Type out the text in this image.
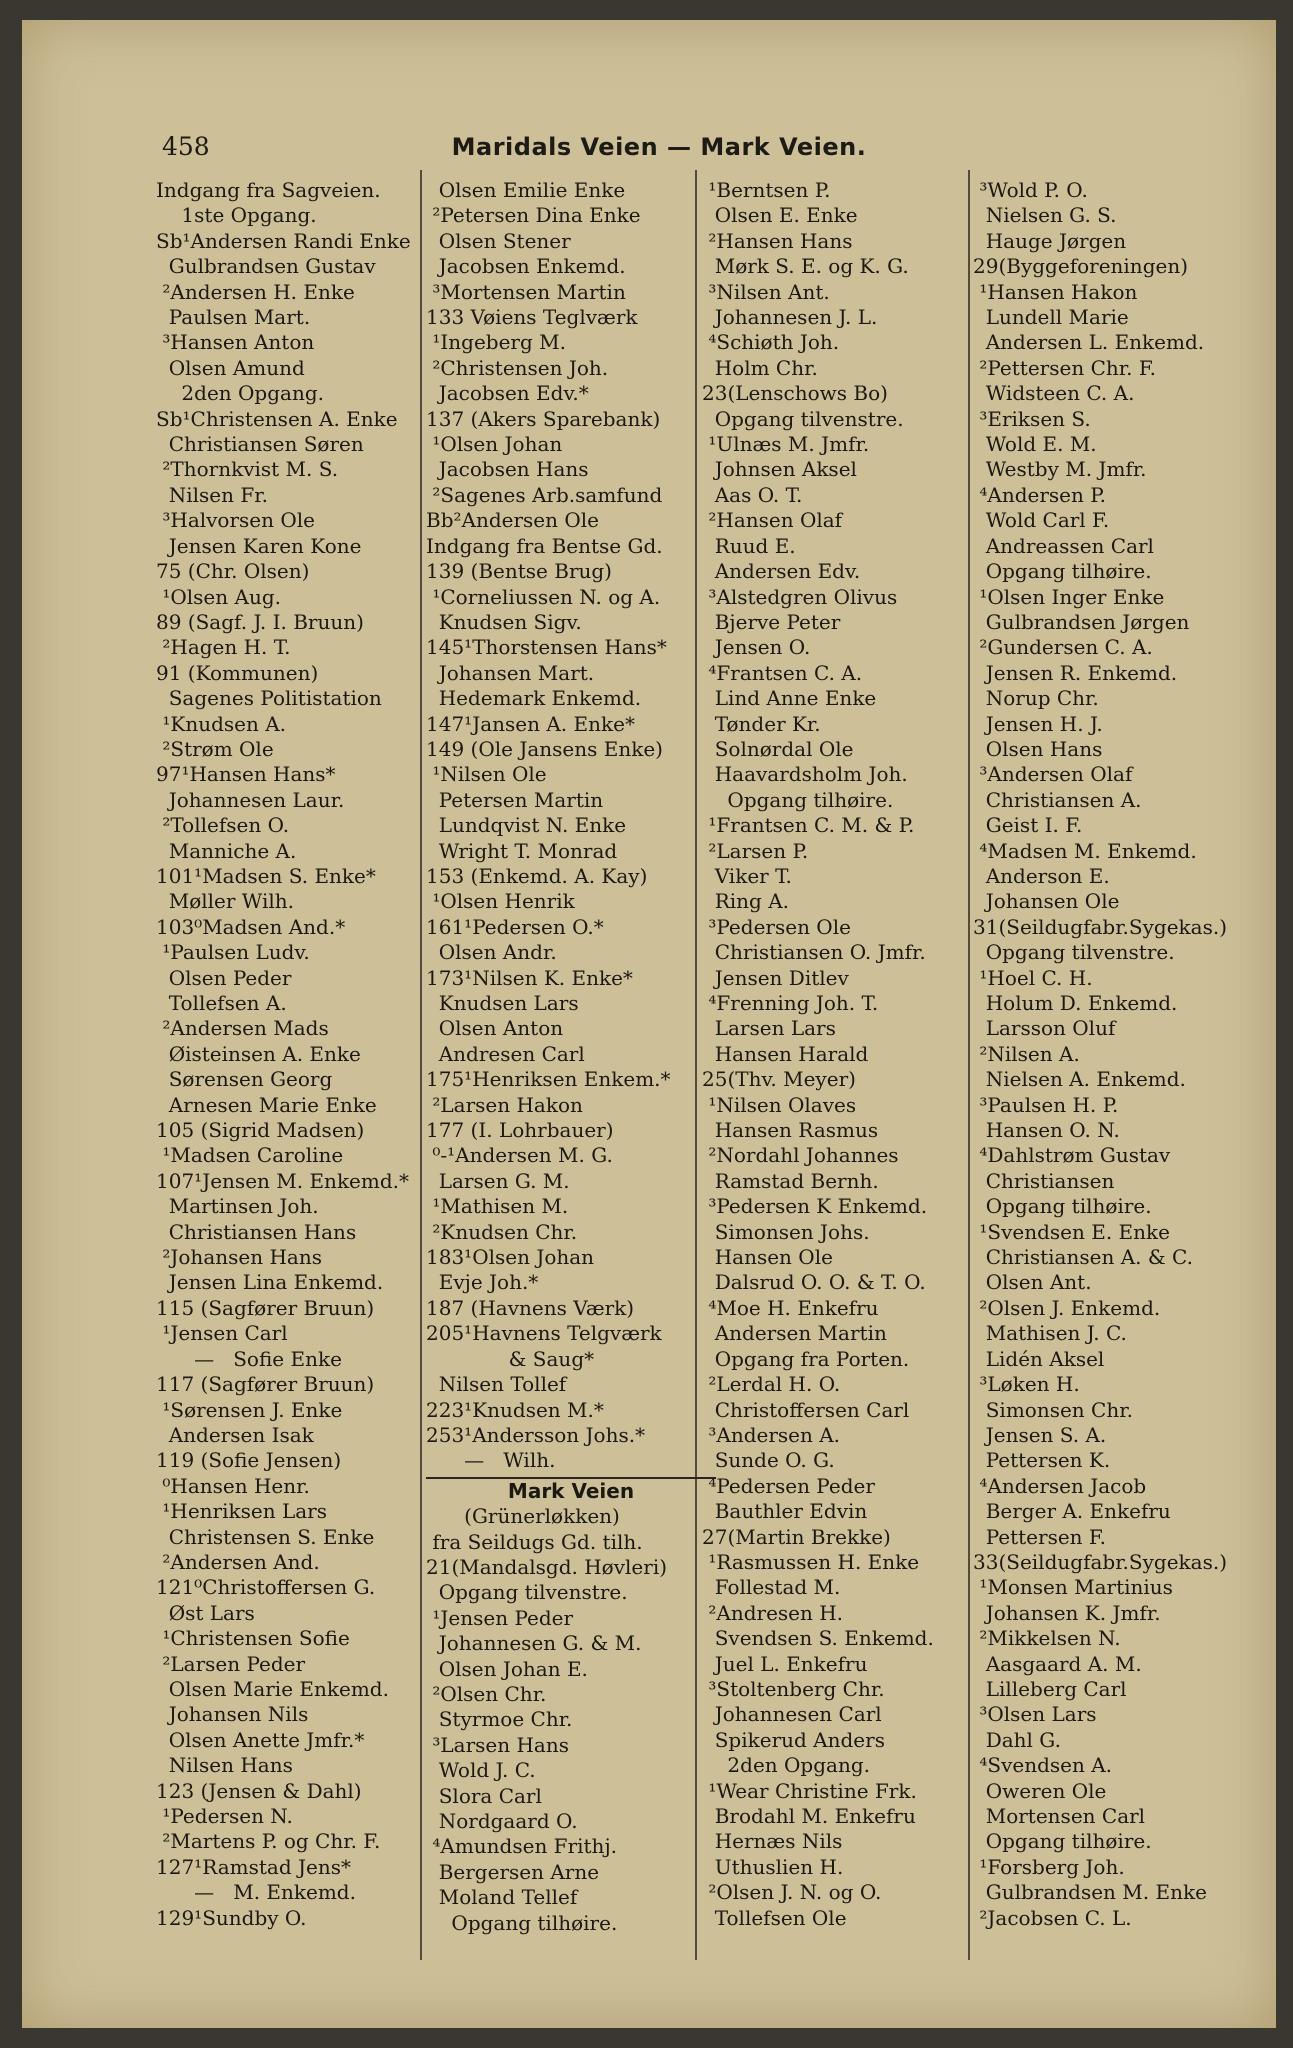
458	Maridals Veien — Mark Veien.
Indgang fra Sagveien.
1ste Opgang.
Sb¹Andersen Randi Enke
Gulbrandsen Gustav
²Andersen H. Enke
Paulsen Mart.
³Hansen Anton
Olsen Amund
2den Opgang.
Sb¹Christensen A. Enke
Christiansen Søren
²Thornkvist M. S.
Nilsen Fr.
³Halvorsen Ole
Jensen Karen Kone
75 (Chr. Olsen)
¹Olsen Aug.
89 (Sagf. J. I. Bruun)
²Hagen H. T.
91 (Kommunen)
Sagenes Politistation
¹Knudsen A.
²Strøm Ole
97¹Hansen Hans*
Johannesen Laur.
²Tollefsen O.
Manniche A.
101¹Madsen S. Enke*
Møller Wilh.
103⁰Madsen And.*
¹Paulsen Ludv.
Olsen Peder
Tollefsen A.
²Andersen Mads
Øisteinsen A. Enke
Sørensen Georg
Arnesen Marie Enke
105 (Sigrid Madsen)
¹Madsen Caroline
107¹Jensen M. Enkemd.*
Martinsen Joh.
Christiansen Hans
²Johansen Hans
Jensen Lina Enkemd.
115 (Sagfører Bruun)
¹Jensen Carl
—   Sofie Enke
117 (Sagfører Bruun)
¹Sørensen J. Enke
Andersen Isak
119 (Sofie Jensen)
⁰Hansen Henr.
¹Henriksen Lars
Christensen S. Enke
²Andersen And.
121⁰Christoffersen G.
Øst Lars
¹Christensen Sofie
²Larsen Peder
Olsen Marie Enkemd.
Johansen Nils
Olsen Anette Jmfr.*
Nilsen Hans
123 (Jensen & Dahl)
¹Pedersen N.
²Martens P. og Chr. F.
127¹Ramstad Jens*
—   M. Enkemd.
129¹Sundby O.
Olsen Emilie Enke
²Petersen Dina Enke
Olsen Stener
Jacobsen Enkemd.
³Mortensen Martin
133 Vøiens Teglværk
¹Ingeberg M.
²Christensen Joh.
Jacobsen Edv.*
137 (Akers Sparebank)
¹Olsen Johan
Jacobsen Hans
²Sagenes Arb.samfund
Bb²Andersen Ole
Indgang fra Bentse Gd.
139 (Bentse Brug)
¹Corneliussen N. og A.
Knudsen Sigv.
145¹Thorstensen Hans*
Johansen Mart.
Hedemark Enkemd.
147¹Jansen A. Enke*
149 (Ole Jansens Enke)
¹Nilsen Ole
Petersen Martin
Lundqvist N. Enke
Wright T. Monrad
153 (Enkemd. A. Kay)
¹Olsen Henrik
161¹Pedersen O.*
Olsen Andr.
173¹Nilsen K. Enke*
Knudsen Lars
Olsen Anton
Andresen Carl
175¹Henriksen Enkem.*
²Larsen Hakon
177 (I. Lohrbauer)
⁰-¹Andersen M. G.
Larsen G. M.
¹Mathisen M.
²Knudsen Chr.
183¹Olsen Johan
Evje Joh.*
187 (Havnens Værk)
205¹Havnens Telgværk
& Saug*
Nilsen Tollef
223¹Knudsen M.*
253¹Andersson Johs.*
—   Wilh.
Mark Veien
(Grünerløkken)
fra Seildugs Gd. tilh.
21(Mandalsgd. Høvleri)
Opgang tilvenstre.
¹Jensen Peder
Johannesen G. & M.
Olsen Johan E.
²Olsen Chr.
Styrmoe Chr.
³Larsen Hans
Wold J. C.
Slora Carl
Nordgaard O.
⁴Amundsen Frithj.
Bergersen Arne
Moland Tellef
Opgang tilhøire.
¹Berntsen P.
Olsen E. Enke
²Hansen Hans
Mørk S. E. og K. G.
³Nilsen Ant.
Johannesen J. L.
⁴Schiøth Joh.
Holm Chr.
23(Lenschows Bo)
Opgang tilvenstre.
¹Ulnæs M. Jmfr.
Johnsen Aksel
Aas O. T.
²Hansen Olaf
Ruud E.
Andersen Edv.
³Alstedgren Olivus
Bjerve Peter
Jensen O.
⁴Frantsen C. A.
Lind Anne Enke
Tønder Kr.
Solnørdal Ole
Haavardsholm Joh.
Opgang tilhøire.
¹Frantsen C. M. & P.
²Larsen P.
Viker T.
Ring A.
³Pedersen Ole
Christiansen O. Jmfr.
Jensen Ditlev
⁴Frenning Joh. T.
Larsen Lars
Hansen Harald
25(Thv. Meyer)
¹Nilsen Olaves
Hansen Rasmus
²Nordahl Johannes
Ramstad Bernh.
³Pedersen K Enkemd.
Simonsen Johs.
Hansen Ole
Dalsrud O. O. & T. O.
⁴Moe H. Enkefru
Andersen Martin
Opgang fra Porten.
²Lerdal H. O.
Christoffersen Carl
³Andersen A.
Sunde O. G.
⁴Pedersen Peder
Bauthler Edvin
27(Martin Brekke)
¹Rasmussen H. Enke
Follestad M.
²Andresen H.
Svendsen S. Enkemd.
Juel L. Enkefru
³Stoltenberg Chr.
Johannesen Carl
Spikerud Anders
2den Opgang.
¹Wear Christine Frk.
Brodahl M. Enkefru
Hernæs Nils
Uthuslien H.
²Olsen J. N. og O.
Tollefsen Ole
³Wold P. O.
Nielsen G. S.
Hauge Jørgen
29(Byggeforeningen)
¹Hansen Hakon
Lundell Marie
Andersen L. Enkemd.
²Pettersen Chr. F.
Widsteen C. A.
³Eriksen S.
Wold E. M.
Westby M. Jmfr.
⁴Andersen P.
Wold Carl F.
Andreassen Carl
Opgang tilhøire.
¹Olsen Inger Enke
Gulbrandsen Jørgen
²Gundersen C. A.
Jensen R. Enkemd.
Norup Chr.
Jensen H. J.
Olsen Hans
³Andersen Olaf
Christiansen A.
Geist I. F.
⁴Madsen M. Enkemd.
Anderson E.
Johansen Ole
31(Seildugfabr.Sygekas.)
Opgang tilvenstre.
¹Hoel C. H.
Holum D. Enkemd.
Larsson Oluf
²Nilsen A.
Nielsen A. Enkemd.
³Paulsen H. P.
Hansen O. N.
⁴Dahlstrøm Gustav
Christiansen
Opgang tilhøire.
¹Svendsen E. Enke
Christiansen A. & C.
Olsen Ant.
²Olsen J. Enkemd.
Mathisen J. C.
Lidén Aksel
³Løken H.
Simonsen Chr.
Jensen S. A.
Pettersen K.
⁴Andersen Jacob
Berger A. Enkefru
Pettersen F.
33(Seildugfabr.Sygekas.)
¹Monsen Martinius
Johansen K. Jmfr.
²Mikkelsen N.
Aasgaard A. M.
Lilleberg Carl
³Olsen Lars
Dahl G.
⁴Svendsen A.
Oweren Ole
Mortensen Carl
Opgang tilhøire.
¹Forsberg Joh.
Gulbrandsen M. Enke
²Jacobsen C. L.
